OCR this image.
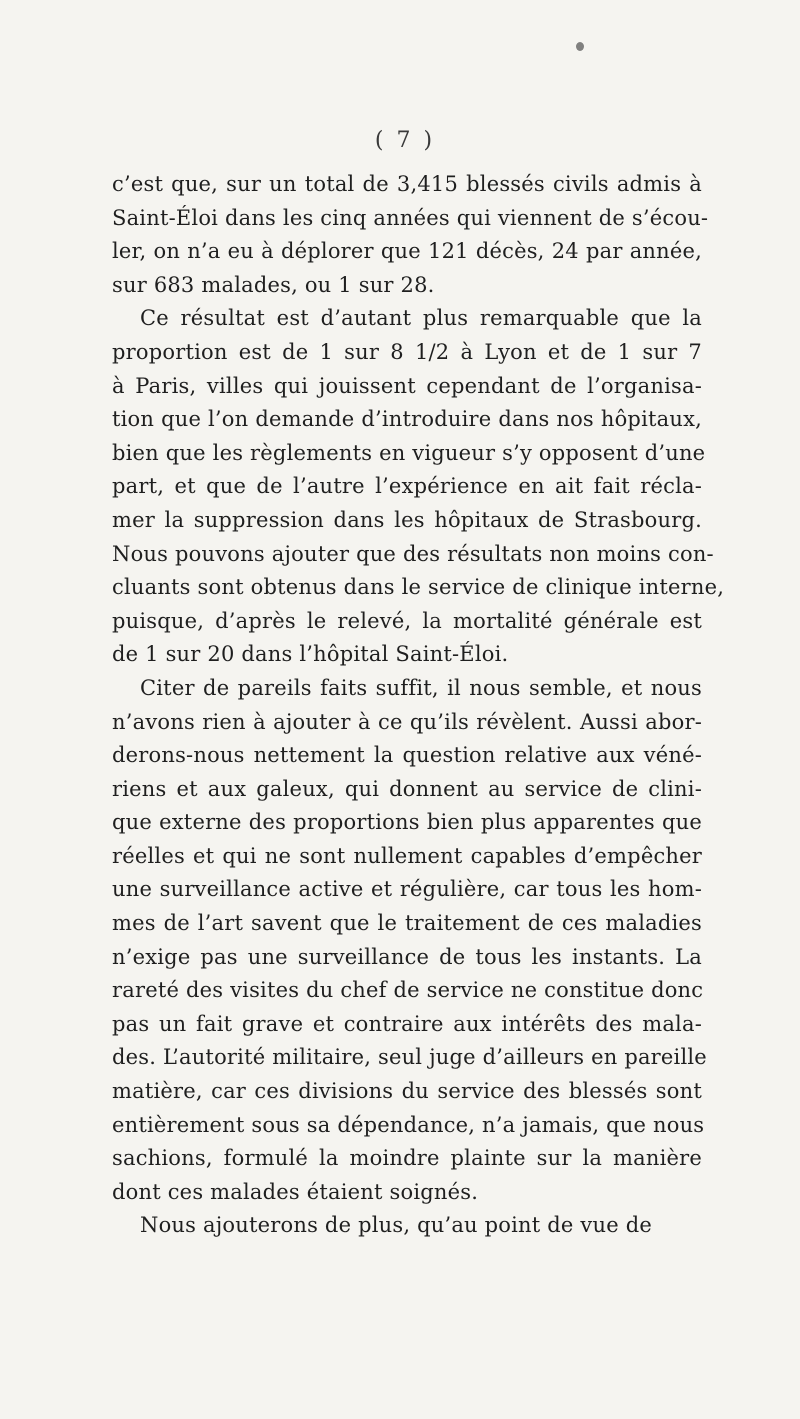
( 7 )
c’est que, sur un total de 3,415 blessés civils admis à
Saint-Éloi dans les cinq années qui viennent de s’écou-
ler, on n’a eu à déplorer que 121 décès, 24 par année,
sur 683 malades, ou 1 sur 28.
Ce résultat est d’autant plus remarquable que la
proportion est de 1 sur 8 1/2 à Lyon et de 1 sur 7
à Paris, villes qui jouissent cependant de l’organisa-
tion que l’on demande d’introduire dans nos hôpitaux,
bien que les règlements en vigueur s’y opposent d’une
part, et que de l’autre l’expérience en ait fait récla-
mer la suppression dans les hôpitaux de Strasbourg.
Nous pouvons ajouter que des résultats non moins con-
cluants sont obtenus dans le service de clinique interne,
puisque, d’après le relevé, la mortalité générale est
de 1 sur 20 dans l’hôpital Saint-Éloi.
Citer de pareils faits suffit, il nous semble, et nous
n’avons rien à ajouter à ce qu’ils révèlent. Aussi abor-
derons-nous nettement la question relative aux véné-
riens et aux galeux, qui donnent au service de clini-
que externe des proportions bien plus apparentes que
réelles et qui ne sont nullement capables d’empêcher
une surveillance active et régulière, car tous les hom-
mes de l’art savent que le traitement de ces maladies
n’exige pas une surveillance de tous les instants. La
rareté des visites du chef de service ne constitue donc
pas un fait grave et contraire aux intérêts des mala-
des. L’autorité militaire, seul juge d’ailleurs en pareille
matière, car ces divisions du service des blessés sont
entièrement sous sa dépendance, n’a jamais, que nous
sachions, formulé la moindre plainte sur la manière
dont ces malades étaient soignés.
Nous ajouterons de plus, qu’au point de vue de
